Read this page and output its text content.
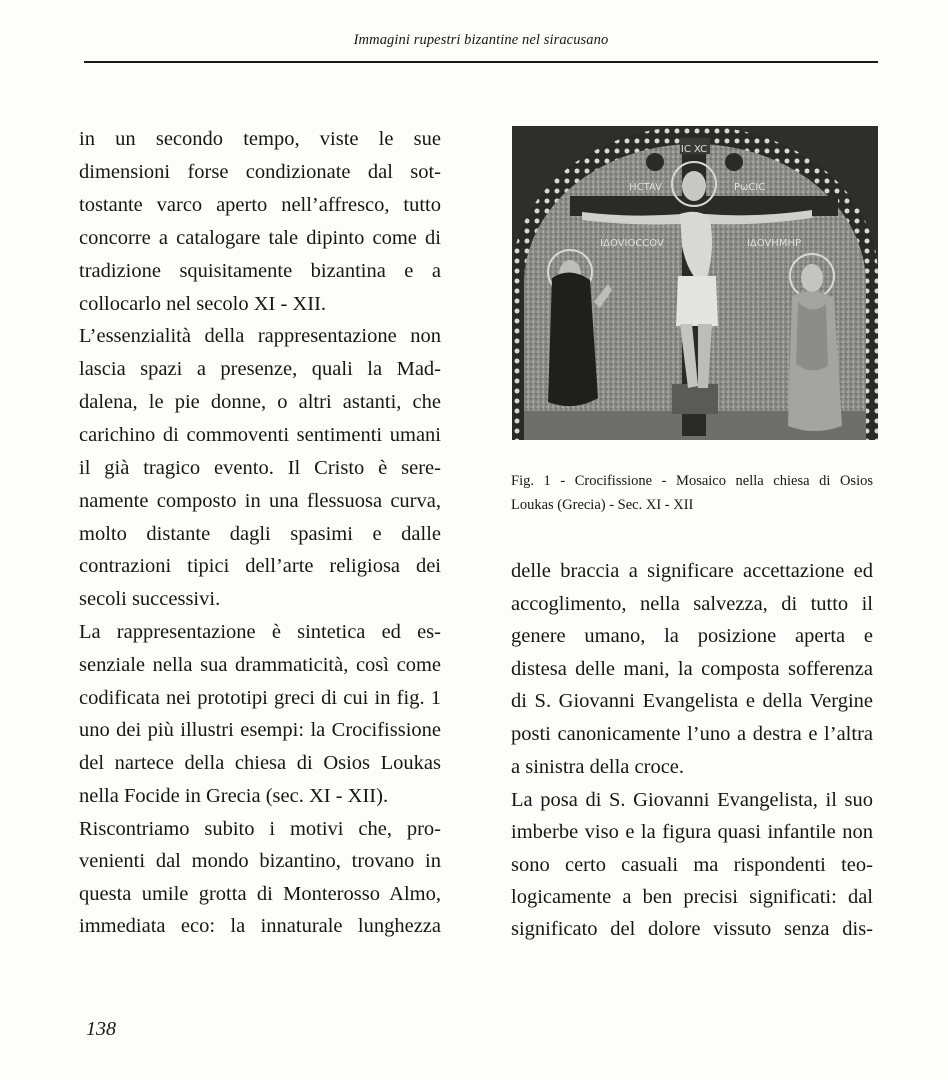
Immagini rupestri bizantine nel siracusano
in un secondo tempo, viste le sue
dimensioni forse condizionate dal sot-
tostante varco aperto nell’affresco, tutto
concorre a catalogare tale dipinto come di
tradizione squisitamente bizantina e a
collocarlo nel secolo XI - XII.
L’essenzialità della rappresentazione non
lascia spazi a presenze, quali la Mad-
dalena, le pie donne, o altri astanti, che
carichino di commoventi sentimenti umani
il già tragico evento. Il Cristo è sere-
namente composto in una flessuosa curva,
molto distante dagli spasimi e dalle
contrazioni tipici dell’arte religiosa dei
secoli successivi.
La rappresentazione è sintetica ed es-
senziale nella sua drammaticità, così come
codificata nei prototipi greci di cui in fig. 1
uno dei più illustri esempi: la Crocifissione
del nartece della chiesa di Osios Loukas
nella Focide in Grecia (sec. XI - XII).
Riscontriamo subito i motivi che, pro-
venienti dal mondo bizantino, trovano in
questa umile grotta di Monterosso Almo,
immediata eco: la innaturale lunghezza
IC XC
ΗCTAV	PωCIC
IΔOVΙOCCOV	IΔOVHMHΡ
Fig. 1 - Crocifissione - Mosaico nella chiesa di Osios
Loukas (Grecia) - Sec. XI - XII
delle braccia a significare accettazione ed
accoglimento, nella salvezza, di tutto il
genere umano, la posizione aperta e
distesa delle mani, la composta sofferenza
di S. Giovanni Evangelista e della Vergine
posti canonicamente l’uno a destra e l’altra
a sinistra della croce.
La posa di S. Giovanni Evangelista, il suo
imberbe viso e la figura quasi infantile non
sono certo casuali ma rispondenti teo-
logicamente a ben precisi significati: dal
significato del dolore vissuto senza dis-
138
